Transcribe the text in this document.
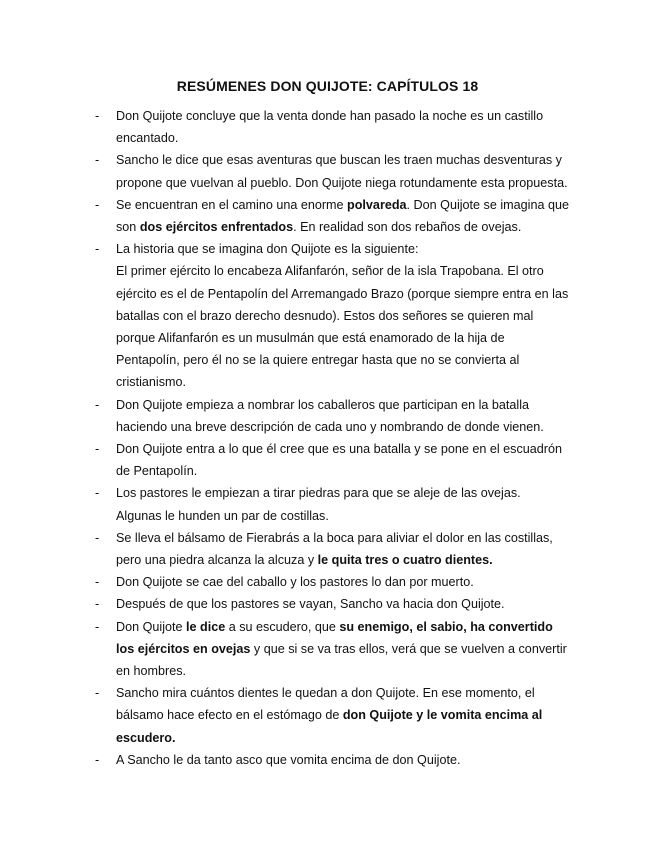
RESÚMENES DON QUIJOTE: CAPÍTULOS 18
- Don Quijote concluye que la venta donde han pasado la noche es un castillo
encantado.
- Sancho le dice que esas aventuras que buscan les traen muchas desventuras y
propone que vuelvan al pueblo. Don Quijote niega rotundamente esta propuesta.
- Se encuentran en el camino una enorme polvareda. Don Quijote se imagina que
son dos ejércitos enfrentados. En realidad son dos rebaños de ovejas.
- La historia que se imagina don Quijote es la siguiente:
El primer ejército lo encabeza Alifanfarón, señor de la isla Trapobana. El otro
ejército es el de Pentapolín del Arremangado Brazo (porque siempre entra en las
batallas con el brazo derecho desnudo). Estos dos señores se quieren mal
porque Alifanfarón es un musulmán que está enamorado de la hija de
Pentapolín, pero él no se la quiere entregar hasta que no se convierta al
cristianismo.
- Don Quijote empieza a nombrar los caballeros que participan en la batalla
haciendo una breve descripción de cada uno y nombrando de donde vienen.
- Don Quijote entra a lo que él cree que es una batalla y se pone en el escuadrón
de Pentapolín.
- Los pastores le empiezan a tirar piedras para que se aleje de las ovejas.
Algunas le hunden un par de costillas.
- Se lleva el bálsamo de Fierabrás a la boca para aliviar el dolor en las costillas,
pero una piedra alcanza la alcuza y le quita tres o cuatro dientes.
- Don Quijote se cae del caballo y los pastores lo dan por muerto.
- Después de que los pastores se vayan, Sancho va hacia don Quijote.
- Don Quijote le dice a su escudero, que su enemigo, el sabio, ha convertido
los ejércitos en ovejas y que si se va tras ellos, verá que se vuelven a convertir
en hombres.
- Sancho mira cuántos dientes le quedan a don Quijote. En ese momento, el
bálsamo hace efecto en el estómago de don Quijote y le vomita encima al
escudero.
- A Sancho le da tanto asco que vomita encima de don Quijote.
